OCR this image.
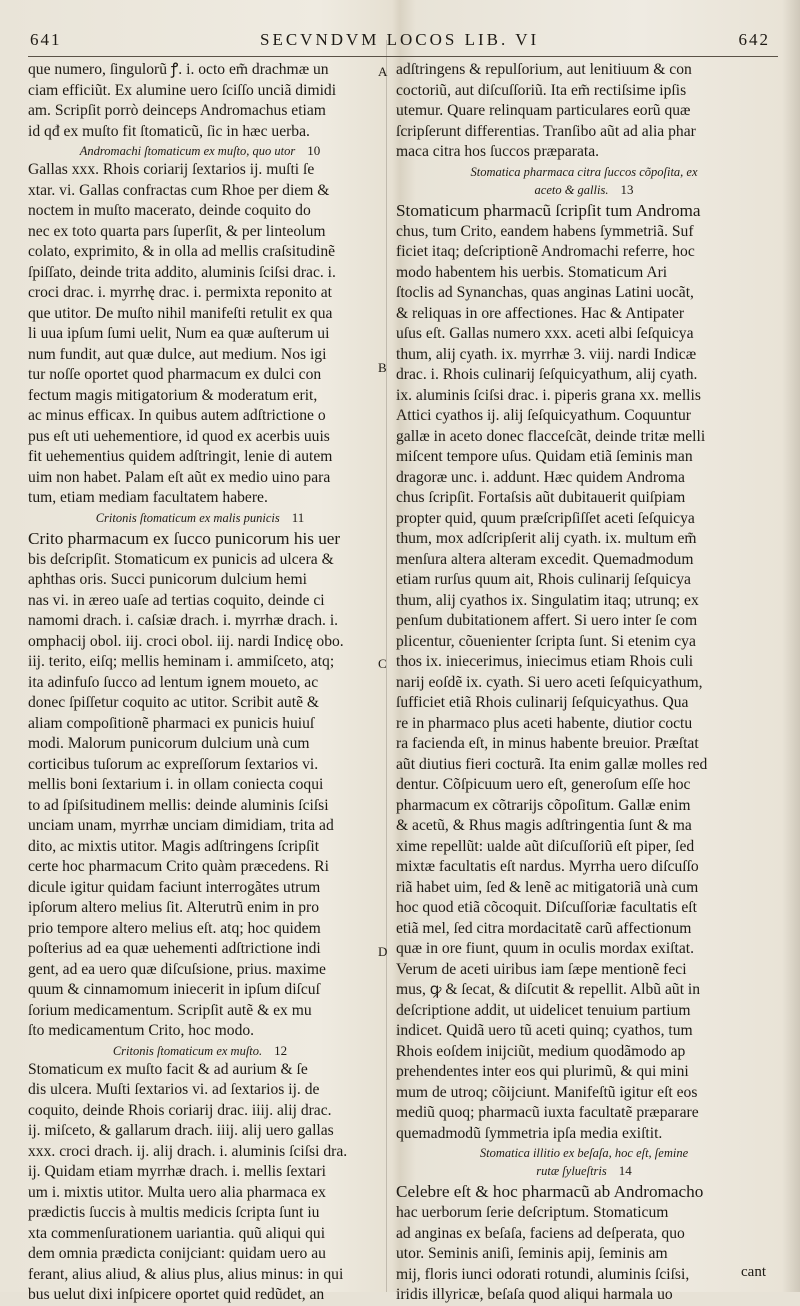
641	SECVNDVM LOCOS LIB. VI	642
que numero, ſingulorũ ꝭ. i. octo em̃ drachmæ un
ciam efficiũt. Ex alumine uero ſciſſo unciã dimidi
am. Scripſit porrò deinceps Andromachus etiam
id qđ ex muſto fit ſtomaticũ, ſic in hæc uerba.
Andromachi ſtomaticum ex muſto, quo utor 10
Gallas xxx. Rhois coriarij ſextarios ij. muſti ſe
xtar. vi. Gallas confractas cum Rhoe per diem &
noctem in muſto macerato, deinde coquito do
nec ex toto quarta pars ſuperſit, & per linteolum
colato, exprimito, & in olla ad mellis craſsitudinẽ
ſpiſſato, deinde trita addito, aluminis ſciſsi drac. i.
croci drac. i. myrrhę drac. i. permixta reponito at
que utitor. De muſto nihil manifeſti retulit ex qua
li uua ipſum ſumi uelit, Num ea quæ auſterum ui
num fundit, aut quæ dulce, aut medium. Nos igi
tur noſſe oportet quod pharmacum ex dulci con
fectum magis mitigatorium & moderatum erit,
ac minus efficax. In quibus autem adſtrictione o
pus eſt uti uehementiore, id quod ex acerbis uuis
fit uehementius quidem adſtringit, lenie di autem
uim non habet. Palam eſt aũt ex medio uino para
tum, etiam mediam facultatem habere.
Critonis ſtomaticum ex malis punicis 11
Crito pharmacum ex ſucco punicorum his uer
bis deſcripſit. Stomaticum ex punicis ad ulcera &
aphthas oris. Succi punicorum dulcium hemi
nas vi. in æreo uaſe ad tertias coquito, deinde ci
namomi drach. i. caſsiæ drach. i. myrrhæ drach. i.
omphacij obol. iij. croci obol. iij. nardi Indicę obo.
iij. terito, eiſq; mellis heminam i. ammiſceto, atq;
ita adinfuſo ſucco ad lentum ignem moueto, ac
donec ſpiſſetur coquito ac utitor. Scribit autẽ &
aliam compoſitionẽ pharmaci ex punicis huiuſ
modi. Malorum punicorum dulcium unà cum
corticibus tuſorum ac expreſſorum ſextarios vi.
mellis boni ſextarium i. in ollam coniecta coqui
to ad ſpiſsitudinem mellis: deinde aluminis ſciſsi
unciam unam, myrrhæ unciam dimidiam, trita ad
dito, ac mixtis utitor. Magis adſtringens ſcripſit
certe hoc pharmacum Crito quàm præcedens. Ri
dicule igitur quidam faciunt interrogãtes utrum
ipſorum altero melius ſit. Alterutrũ enim in pro
prio tempore altero melius eſt. atq; hoc quidem
poſterius ad ea quæ uehementi adſtrictione indi
gent, ad ea uero quæ diſcuſsione, prius. maxime
quum & cinnamomum iniecerit in ipſum diſcuſ
ſorium medicamentum. Scripſit autẽ & ex mu
ſto medicamentum Crito, hoc modo.
Critonis ſtomaticum ex muſto. 12
Stomaticum ex muſto facit & ad aurium & ſe
dis ulcera. Muſti ſextarios vi. ad ſextarios ij. de
coquito, deinde Rhois coriarij drac. iiij. alij drac.
ij. miſceto, & gallarum drach. iiij. alij uero gallas
xxx. croci drach. ij. alij drach. i. aluminis ſciſsi dra.
ij. Quidam etiam myrrhæ drach. i. mellis ſextari
um i. mixtis utitor. Multa uero alia pharmaca ex
prædictis ſuccis à multis medicis ſcripta ſunt iu
xta commenſurationem uariantia. quũ aliqui qui
dem omnia prædicta conijciant: quidam uero au
ferant, alius aliud, & alius plus, alius minus: in qui
bus uelut dixi inſpicere oportet quid redũdet, an
adſtringens & repulſorium, aut lenitiuum & con
coctoriũ, aut diſcuſſoriũ. Ita em̃ rectiſsime ipſis
utemur. Quare relinquam particulares eorũ quæ
ſcripſerunt differentias. Tranſibo aũt ad alia phar
maca citra hos ſuccos præparata.
Stomatica pharmaca citra ſuccos cõpoſita, ex
aceto & gallis. 13
Stomaticum pharmacũ ſcripſit tum Androma
chus, tum Crito, eandem habens ſymmetriã. Suf
ficiet itaq; deſcriptionẽ Andromachi referre, hoc
modo habentem his uerbis. Stomaticum Ari
ſtoclis ad Synanchas, quas anginas Latini uocãt,
& reliquas in ore affectiones. Hac & Antipater
uſus eſt. Gallas numero xxx. aceti albi ſeſquicya
thum, alij cyath. ix. myrrhæ 3. viij. nardi Indicæ
drac. i. Rhois culinarij ſeſquicyathum, alij cyath.
ix. aluminis ſciſsi drac. i. piperis grana xx. mellis
Attici cyathos ij. alij ſeſquicyathum. Coquuntur
gallæ in aceto donec flacceſcãt, deinde tritæ melli
miſcent tempore uſus. Quidam etiã ſeminis man
dragoræ unc. i. addunt. Hæc quidem Androma
chus ſcripſit. Fortaſsis aũt dubitauerit quiſpiam
propter quid, quum præſcripſiſſet aceti ſeſquicya
thum, mox adſcripſerit alij cyath. ix. multum em̃
menſura altera alteram excedit. Quemadmodum
etiam rurſus quum ait, Rhois culinarij ſeſquicya
thum, alij cyathos ix. Singulatim itaq; utrunq; ex
penſum dubitationem affert. Si uero inter ſe com
plicentur, cõuenienter ſcripta ſunt. Si etenim cya
thos ix. iniecerimus, iniecimus etiam Rhois culi
narij eoſdẽ ix. cyath. Si uero aceti ſeſquicyathum,
ſufficiet etiã Rhois culinarij ſeſquicyathus. Qua
re in pharmaco plus aceti habente, diutior coctu
ra facienda eſt, in minus habente breuior. Præſtat
aũt diutius fieri cocturã. Ita enim gallæ molles red
dentur. Cõſpicuum uero eſt, generoſum eſſe hoc
pharmacum ex cõtrarijs cõpoſitum. Gallæ enim
& acetũ, & Rhus magis adſtringentia ſunt & ma
xime repellũt: ualde aũt diſcuſſoriũ eſt piper, ſed
mixtæ facultatis eſt nardus. Myrrha uero diſcuſſo
riã habet uim, ſed & lenẽ ac mitigatoriã unà cum
hoc quod etiã cõcoquit. Diſcuſſoriæ facultatis eſt
etiã mel, ſed citra mordacitatẽ carũ affectionum
quæ in ore fiunt, quum in oculis mordax exiſtat.
Verum de aceti uiribus iam ſæpe mentionẽ feci
mus, ꝙ & ſecat, & diſcutit & repellit. Albũ aũt in
deſcriptione addit, ut uidelicet tenuium partium
indicet. Quidã uero tũ aceti quinq; cyathos, tum
Rhois eoſdem inijciũt, medium quodãmodo ap
prehendentes inter eos qui plurimũ, & qui mini
mum de utroq; cõijciunt. Manifeſtũ igitur eſt eos
mediũ quoq; pharmacũ iuxta facultatẽ præparare
quemadmodũ ſymmetria ipſa media exiſtit.
Stomatica illitio ex beſaſa, hoc eſt, ſemine
rutæ ſylueſtris 14
Celebre eſt & hoc pharmacũ ab Andromacho
hac uerborum ſerie deſcriptum. Stomaticum
ad anginas ex beſaſa, faciens ad deſperata, quo
utor. Seminis aniſi, ſeminis apij, ſeminis am
mij, floris iunci odorati rotundi, aluminis ſciſsi,
iridis illyricæ, beſaſa quod aliqui harmala uo
A
B
C
D
cant
